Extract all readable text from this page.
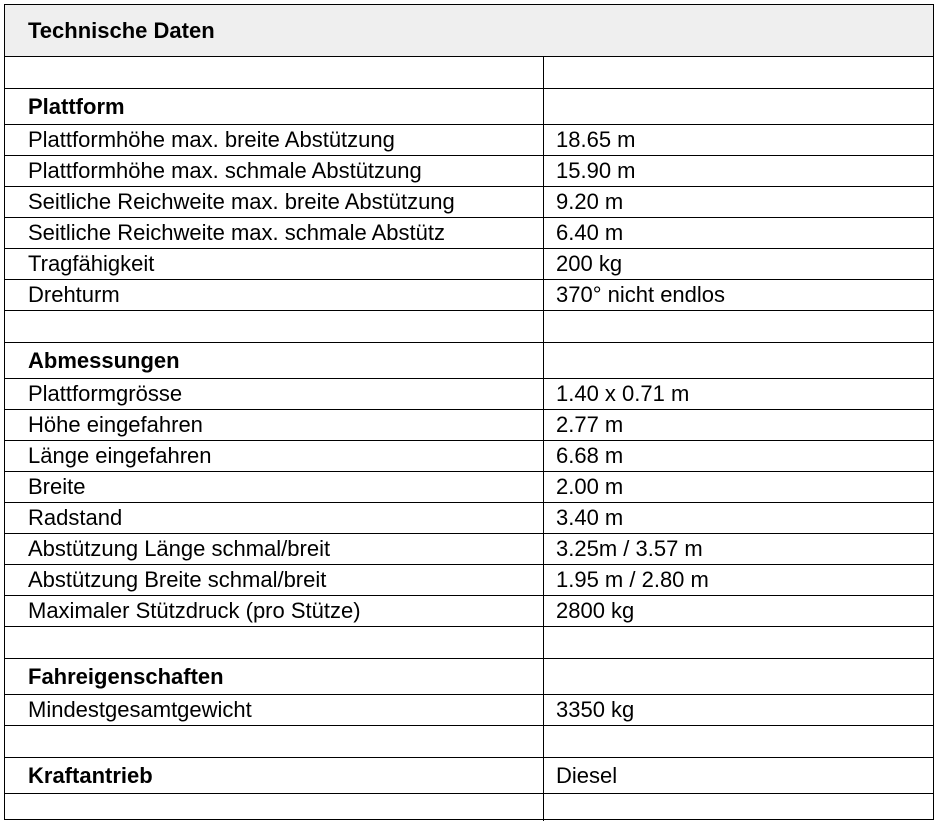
Technische Daten
Plattform
Plattformhöhe max. breite Abstützung	18.65 m
Plattformhöhe max. schmale Abstützung	15.90 m
Seitliche Reichweite max. breite Abstützung	9.20 m
Seitliche Reichweite max. schmale Abstütz	6.40 m
Tragfähigkeit	200 kg
Drehturm	370° nicht endlos
Abmessungen
Plattformgrösse	1.40 x 0.71 m
Höhe eingefahren	2.77 m
Länge eingefahren	6.68 m
Breite	2.00 m
Radstand	3.40 m
Abstützung Länge schmal/breit	3.25m / 3.57 m
Abstützung Breite schmal/breit	1.95 m / 2.80 m
Maximaler Stützdruck (pro Stütze)	2800 kg
Fahreigenschaften
Mindestgesamtgewicht	3350 kg
Kraftantrieb	Diesel
